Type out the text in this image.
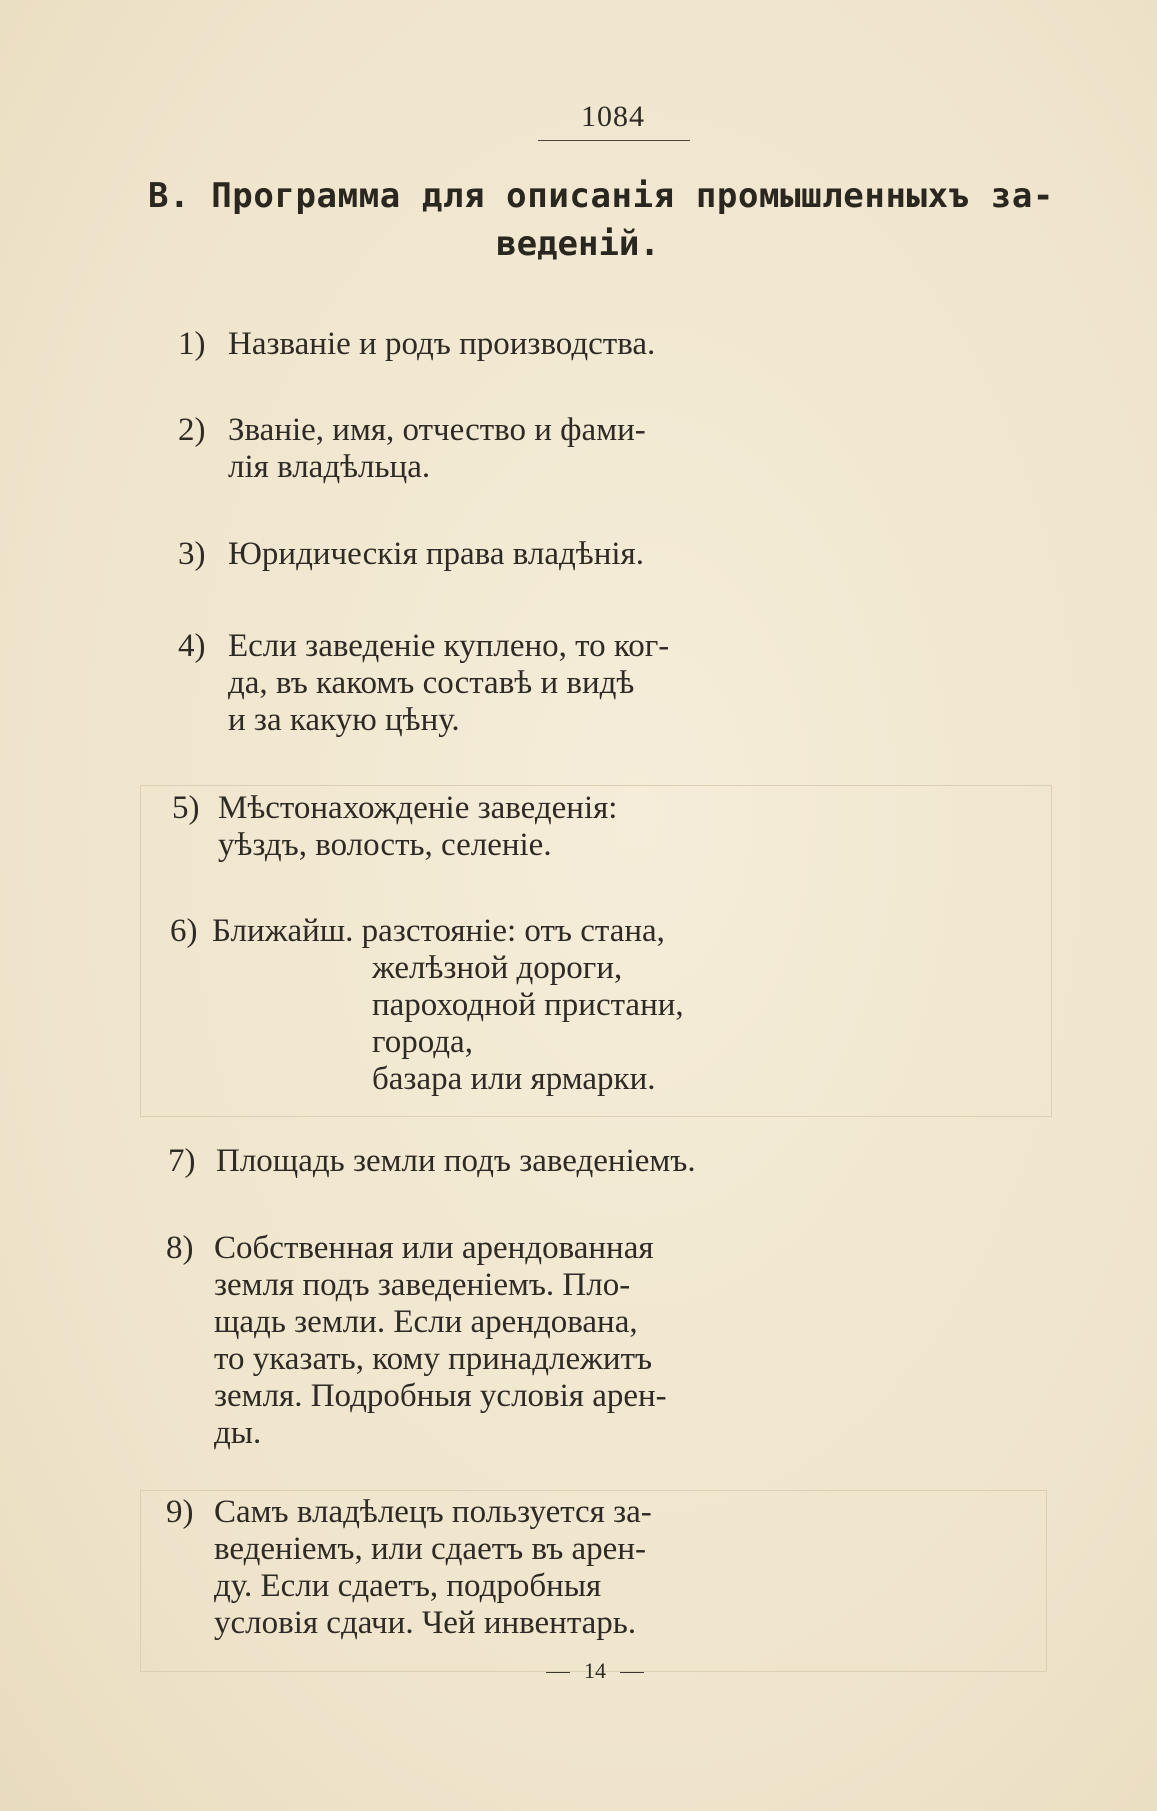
1084
В. Программа для описанія промышленныхъ за-
веденій.
1) Названіе и родъ производства.
2) Званіе, имя, отчество и фами-
лія владѣльца.
3) Юридическія права владѣнія.
4) Если заведеніе куплено, то ког-
да, въ какомъ составѣ и видѣ
и за какую цѣну.
5) Мѣстонахожденіе заведенія:
уѣздъ, волость, селеніе.
6) Ближайш. разстояніе: отъ стана,
желѣзной дороги,
пароходной пристани,
города,
базара или ярмарки.
7) Площадь земли подъ заведеніемъ.
8) Собственная или арендованная
земля подъ заведеніемъ. Пло-
щадь земли. Если арендована,
то указать, кому принадлежитъ
земля. Подробныя условія арен-
ды.
9) Самъ владѣлецъ пользуется за-
веденіемъ, или сдаетъ въ арен-
ду. Если сдаетъ, подробныя
условія сдачи. Чей инвентарь.
14
